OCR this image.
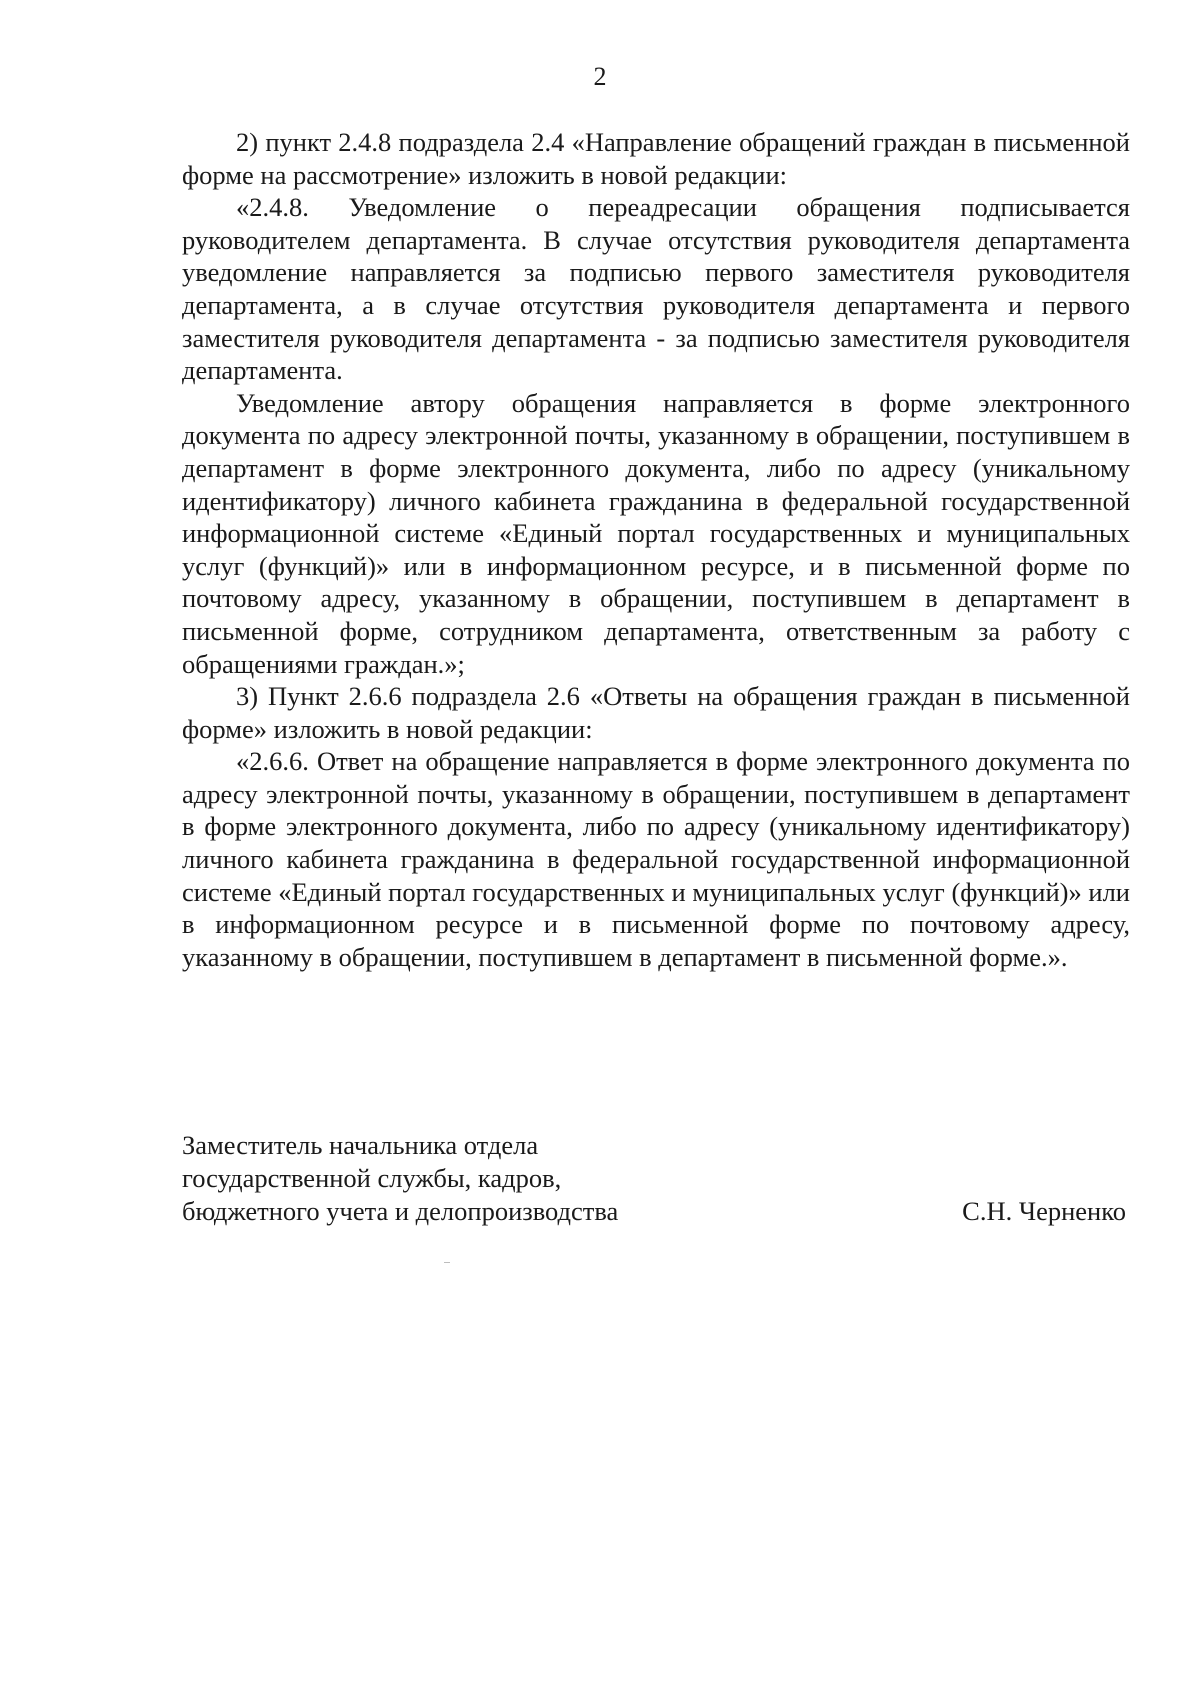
2

2) пункт 2.4.8 подраздела 2.4 «Направление обращений граждан в письменной форме на рассмотрение» изложить в новой редакции:

«2.4.8. Уведомление о переадресации обращения подписывается руководителем департамента. В случае отсутствия руководителя департамента уведомление направляется за подписью первого заместителя руководителя департамента, а в случае отсутствия руководителя департамента и первого заместителя руководителя департамента - за подписью заместителя руководителя департамента.

Уведомление автору обращения направляется в форме электронного документа по адресу электронной почты, указанному в обращении, поступившем в департамент в форме электронного документа, либо по адресу (уникальному идентификатору) личного кабинета гражданина в федеральной государственной информационной системе «Единый портал государственных и муниципальных услуг (функций)» или в информационном ресурсе, и в письменной форме по почтовому адресу, указанному в обращении, поступившем в департамент в письменной форме, сотрудником департамента, ответственным за работу с обращениями граждан.»;

3) Пункт 2.6.6 подраздела 2.6 «Ответы на обращения граждан в письменной форме» изложить в новой редакции:

«2.6.6. Ответ на обращение направляется в форме электронного документа по адресу электронной почты, указанному в обращении, поступившем в департамент в форме электронного документа, либо по адресу (уникальному идентификатору) личного кабинета гражданина в федеральной государственной информационной системе «Единый портал государственных и муниципальных услуг (функций)» или в информационном ресурсе и в письменной форме по почтовому адресу, указанному в обращении, поступившем в департамент в письменной форме.».

Заместитель начальника отдела
государственной службы, кадров,
бюджетного учета и делопроизводства	С.Н. Черненко
